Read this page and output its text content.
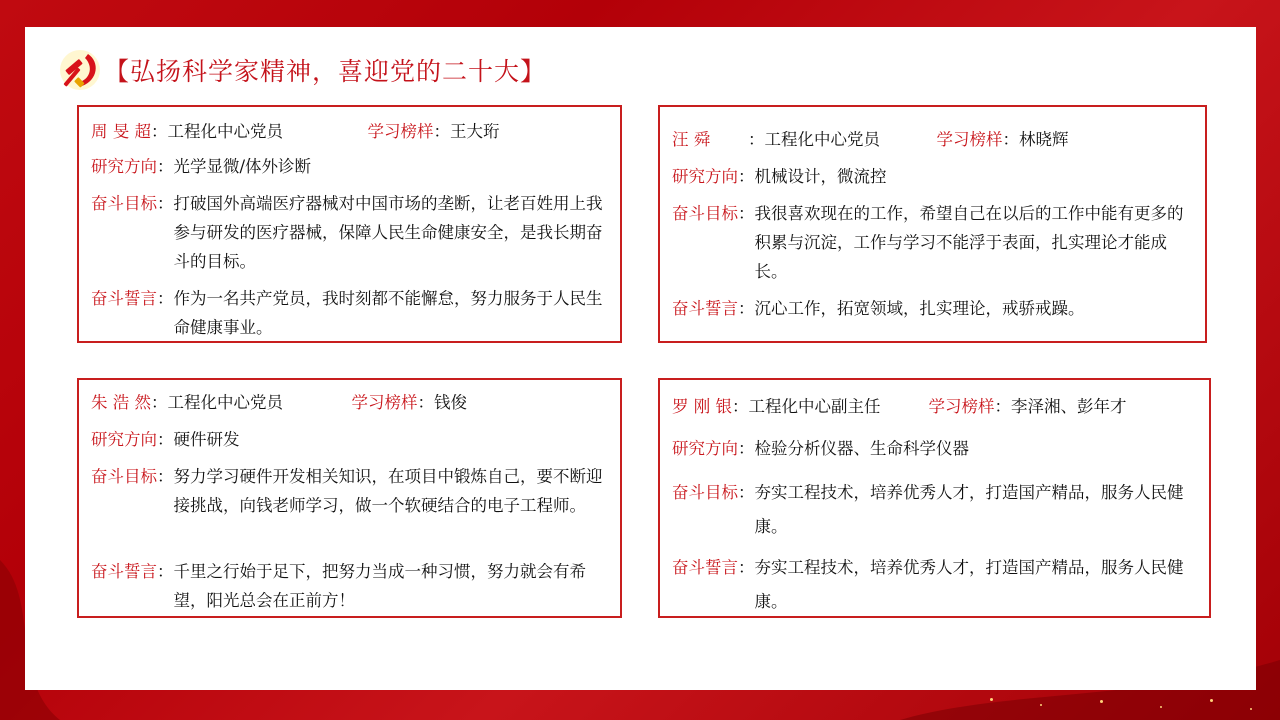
【弘扬科学家精神，喜迎党的二十大】
周 旻 超 ： 工程化中心党员	学习榜样 ： 王大珩
研究方向 ： 光学显微/体外诊断
奋斗目标 ： 打破国外高端医疗器械对中国市场的垄断，让老百姓用上我参与研发的医疗器械，保障人民生命健康安全，是我长期奋斗的目标。
奋斗誓言 ： 作为一名共产党员，我时刻都不能懈怠，努力服务于人民生命健康事业。
汪 舜	： 工程化中心党员	学习榜样 ： 林晓辉
研究方向 ： 机械设计，微流控
奋斗目标 ： 我很喜欢现在的工作，希望自己在以后的工作中能有更多的积累与沉淀，工作与学习不能浮于表面，扎实理论才能成长。
奋斗誓言 ： 沉心工作，拓宽领域，扎实理论，戒骄戒躁。
朱 浩 然 ： 工程化中心党员	学习榜样 ： 钱俊
研究方向 ： 硬件研发
奋斗目标 ： 努力学习硬件开发相关知识，在项目中锻炼自己，要不断迎接挑战，向钱老师学习，做一个软硬结合的电子工程师。
奋斗誓言 ： 千里之行始于足下，把努力当成一种习惯，努力就会有希望，阳光总会在正前方！
罗 刚 银 ： 工程化中心副主任	学习榜样 ： 李泽湘、彭年才
研究方向 ： 检验分析仪器、生命科学仪器
奋斗目标 ： 夯实工程技术，培养优秀人才，打造国产精品，服务人民健康。
奋斗誓言 ： 夯实工程技术，培养优秀人才，打造国产精品，服务人民健康。
